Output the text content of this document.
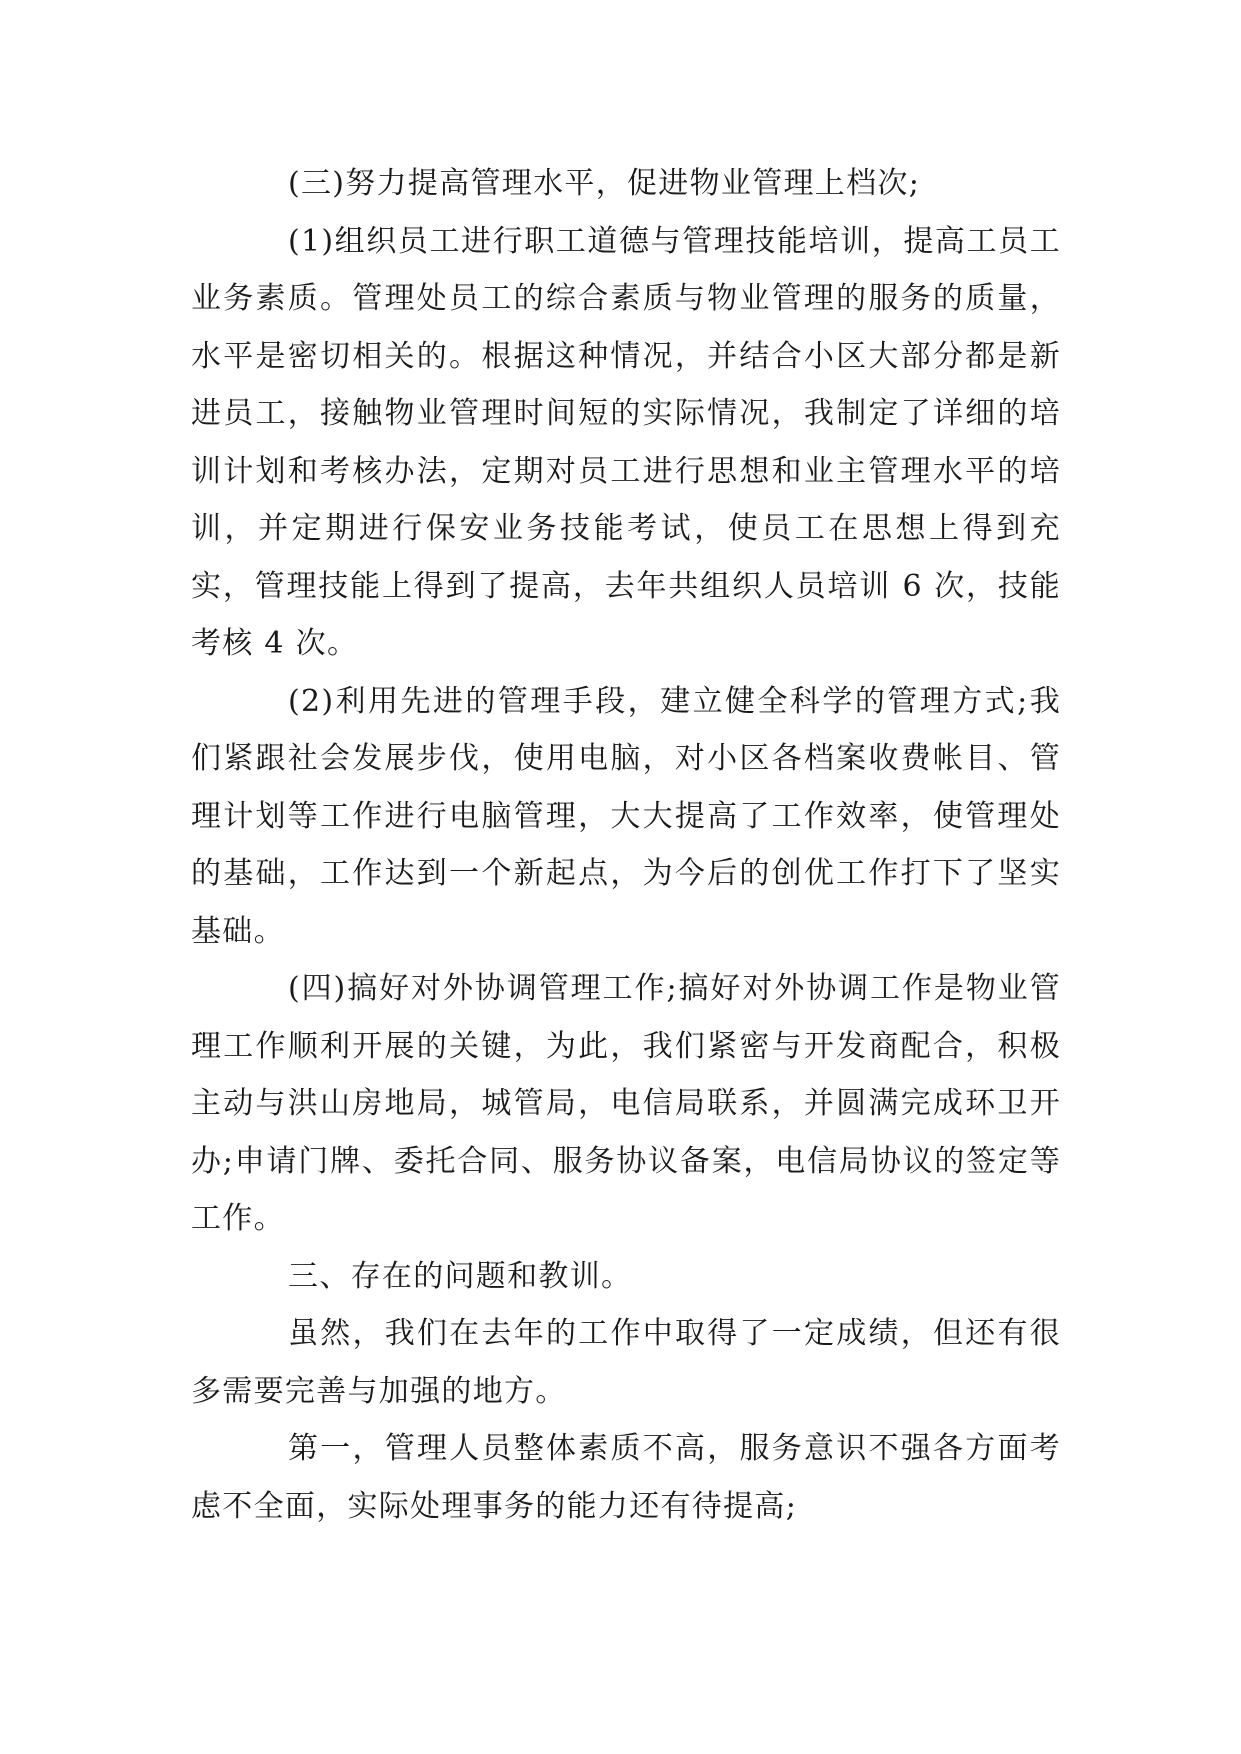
(三)努力提高管理水平，促进物业管理上档次;

(1)组织员工进行职工道德与管理技能培训，提高工员工业务素质。管理处员工的综合素质与物业管理的服务的质量，水平是密切相关的。根据这种情况，并结合小区大部分都是新进员工，接触物业管理时间短的实际情况，我制定了详细的培训计划和考核办法，定期对员工进行思想和业主管理水平的培训，并定期进行保安业务技能考试，使员工在思想上得到充实，管理技能上得到了提高，去年共组织人员培训 6 次，技能考核 4 次。

(2)利用先进的管理手段，建立健全科学的管理方式;我们紧跟社会发展步伐，使用电脑，对小区各档案收费帐目、管理计划等工作进行电脑管理，大大提高了工作效率，使管理处的基础，工作达到一个新起点，为今后的创优工作打下了坚实基础。

(四)搞好对外协调管理工作;搞好对外协调工作是物业管理工作顺利开展的关键，为此，我们紧密与开发商配合，积极主动与洪山房地局，城管局，电信局联系，并圆满完成环卫开办;申请门牌、委托合同、服务协议备案，电信局协议的签定等工作。

三、存在的问题和教训。

虽然，我们在去年的工作中取得了一定成绩，但还有很多需要完善与加强的地方。

第一，管理人员整体素质不高，服务意识不强各方面考虑不全面，实际处理事务的能力还有待提高;
